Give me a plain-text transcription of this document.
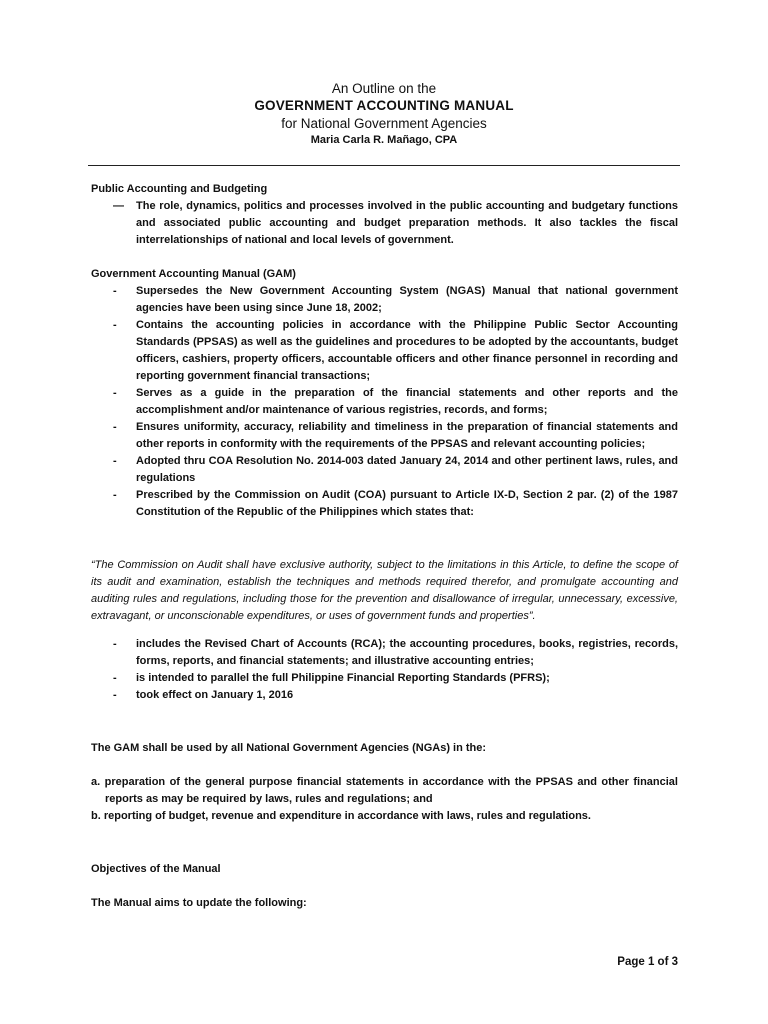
An Outline on the
GOVERNMENT ACCOUNTING MANUAL
for National Government Agencies
Maria Carla R. Mañago, CPA
Public Accounting and Budgeting
— The role, dynamics, politics and processes involved in the public accounting and budgetary functions and associated public accounting and budget preparation methods. It also tackles the fiscal interrelationships of national and local levels of government.
Government Accounting Manual (GAM)
- Supersedes the New Government Accounting System (NGAS) Manual that national government agencies have been using since June 18, 2002;
- Contains the accounting policies in accordance with the Philippine Public Sector Accounting Standards (PPSAS) as well as the guidelines and procedures to be adopted by the accountants, budget officers, cashiers, property officers, accountable officers and other finance personnel in recording and reporting government financial transactions;
- Serves as a guide in the preparation of the financial statements and other reports and the accomplishment and/or maintenance of various registries, records, and forms;
- Ensures uniformity, accuracy, reliability and timeliness in the preparation of financial statements and other reports in conformity with the requirements of the PPSAS and relevant accounting policies;
- Adopted thru COA Resolution No. 2014-003 dated January 24, 2014 and other pertinent laws, rules, and regulations
- Prescribed by the Commission on Audit (COA) pursuant to Article IX-D, Section 2 par. (2) of the 1987 Constitution of the Republic of the Philippines which states that:

“The Commission on Audit shall have exclusive authority, subject to the limitations in this Article, to define the scope of its audit and examination, establish the techniques and methods required therefor, and promulgate accounting and auditing rules and regulations, including those for the prevention and disallowance of irregular, unnecessary, excessive, extravagant, or unconscionable expenditures, or uses of government funds and properties”.

- includes the Revised Chart of Accounts (RCA); the accounting procedures, books, registries, records, forms, reports, and financial statements; and illustrative accounting entries;
- is intended to parallel the full Philippine Financial Reporting Standards (PFRS);
- took effect on January 1, 2016
The GAM shall be used by all National Government Agencies (NGAs) in the:
a. preparation of the general purpose financial statements in accordance with the PPSAS and other financial reports as may be required by laws, rules and regulations; and
b. reporting of budget, revenue and expenditure in accordance with laws, rules and regulations.
Objectives of the Manual
The Manual aims to update the following:
Page 1 of 3
